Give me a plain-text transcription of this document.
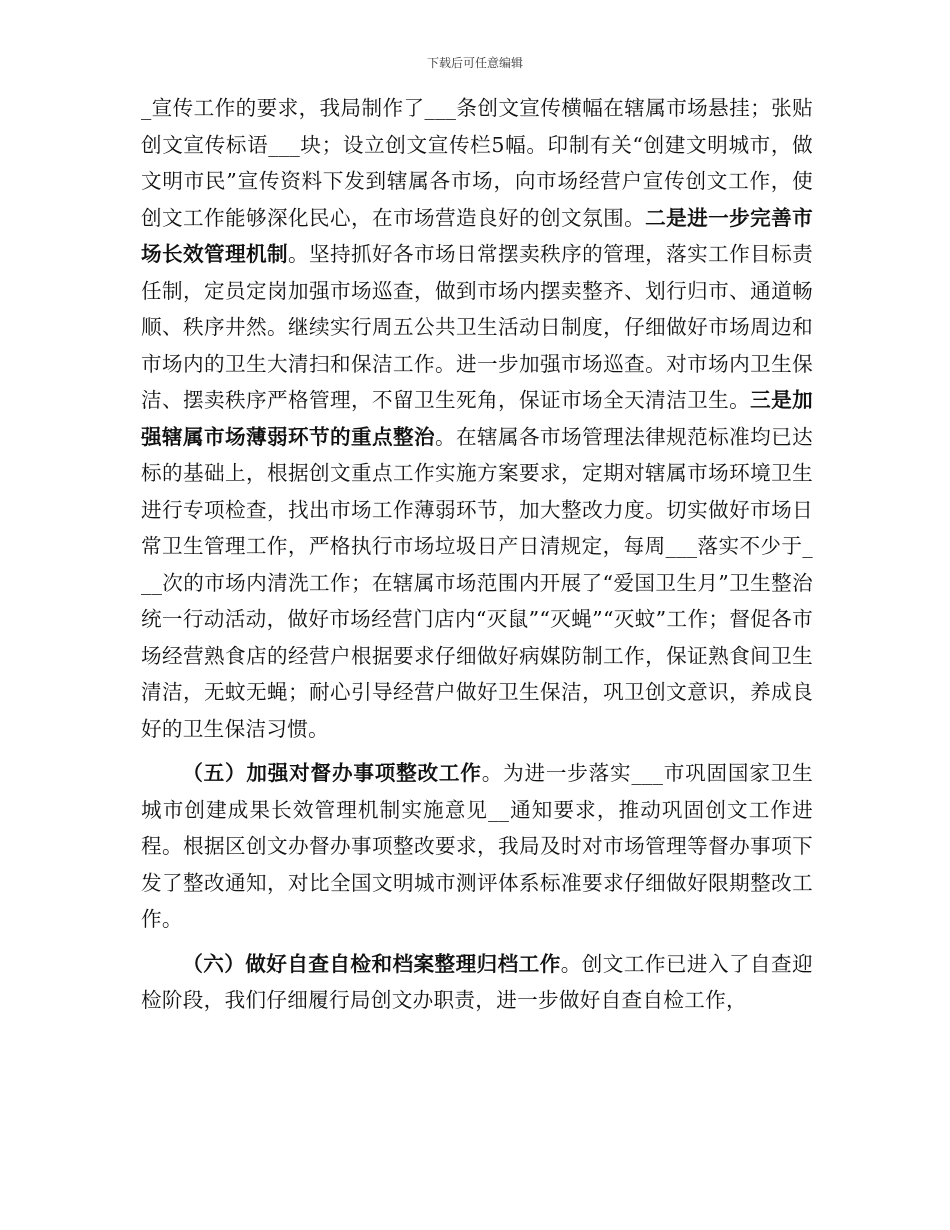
下载后可任意编辑

_宣传工作的要求，我局制作了___条创文宣传横幅在辖属市场悬挂；张贴创文宣传标语___块；设立创文宣传栏5幅。印制有关“创建文明城市，做文明市民”宣传资料下发到辖属各市场，向市场经营户宣传创文工作，使创文工作能够深化民心，在市场营造良好的创文氛围。二是进一步完善市场长效管理机制。坚持抓好各市场日常摆卖秩序的管理，落实工作目标责任制，定员定岗加强市场巡查，做到市场内摆卖整齐、划行归市、通道畅顺、秩序井然。继续实行周五公共卫生活动日制度，仔细做好市场周边和市场内的卫生大清扫和保洁工作。进一步加强市场巡查。对市场内卫生保洁、摆卖秩序严格管理，不留卫生死角，保证市场全天清洁卫生。三是加强辖属市场薄弱环节的重点整治。在辖属各市场管理法律规范标准均已达标的基础上，根据创文重点工作实施方案要求，定期对辖属市场环境卫生进行专项检查，找出市场工作薄弱环节，加大整改力度。切实做好市场日常卫生管理工作，严格执行市场垃圾日产日清规定，每周___落实不少于___次的市场内清洗工作；在辖属市场范围内开展了“爱国卫生月”卫生整治统一行动活动，做好市场经营门店内“灭鼠”“灭蝇”“灭蚊”工作；督促各市场经营熟食店的经营户根据要求仔细做好病媒防制工作，保证熟食间卫生清洁，无蚊无蝇；耐心引导经营户做好卫生保洁，巩卫创文意识，养成良好的卫生保洁习惯。

（五）加强对督办事项整改工作。为进一步落实___市巩固国家卫生城市创建成果长效管理机制实施意见__通知要求，推动巩固创文工作进程。根据区创文办督办事项整改要求，我局及时对市场管理等督办事项下发了整改通知，对比全国文明城市测评体系标准要求仔细做好限期整改工作。

（六）做好自查自检和档案整理归档工作。创文工作已进入了自查迎检阶段，我们仔细履行局创文办职责，进一步做好自查自检工作，
